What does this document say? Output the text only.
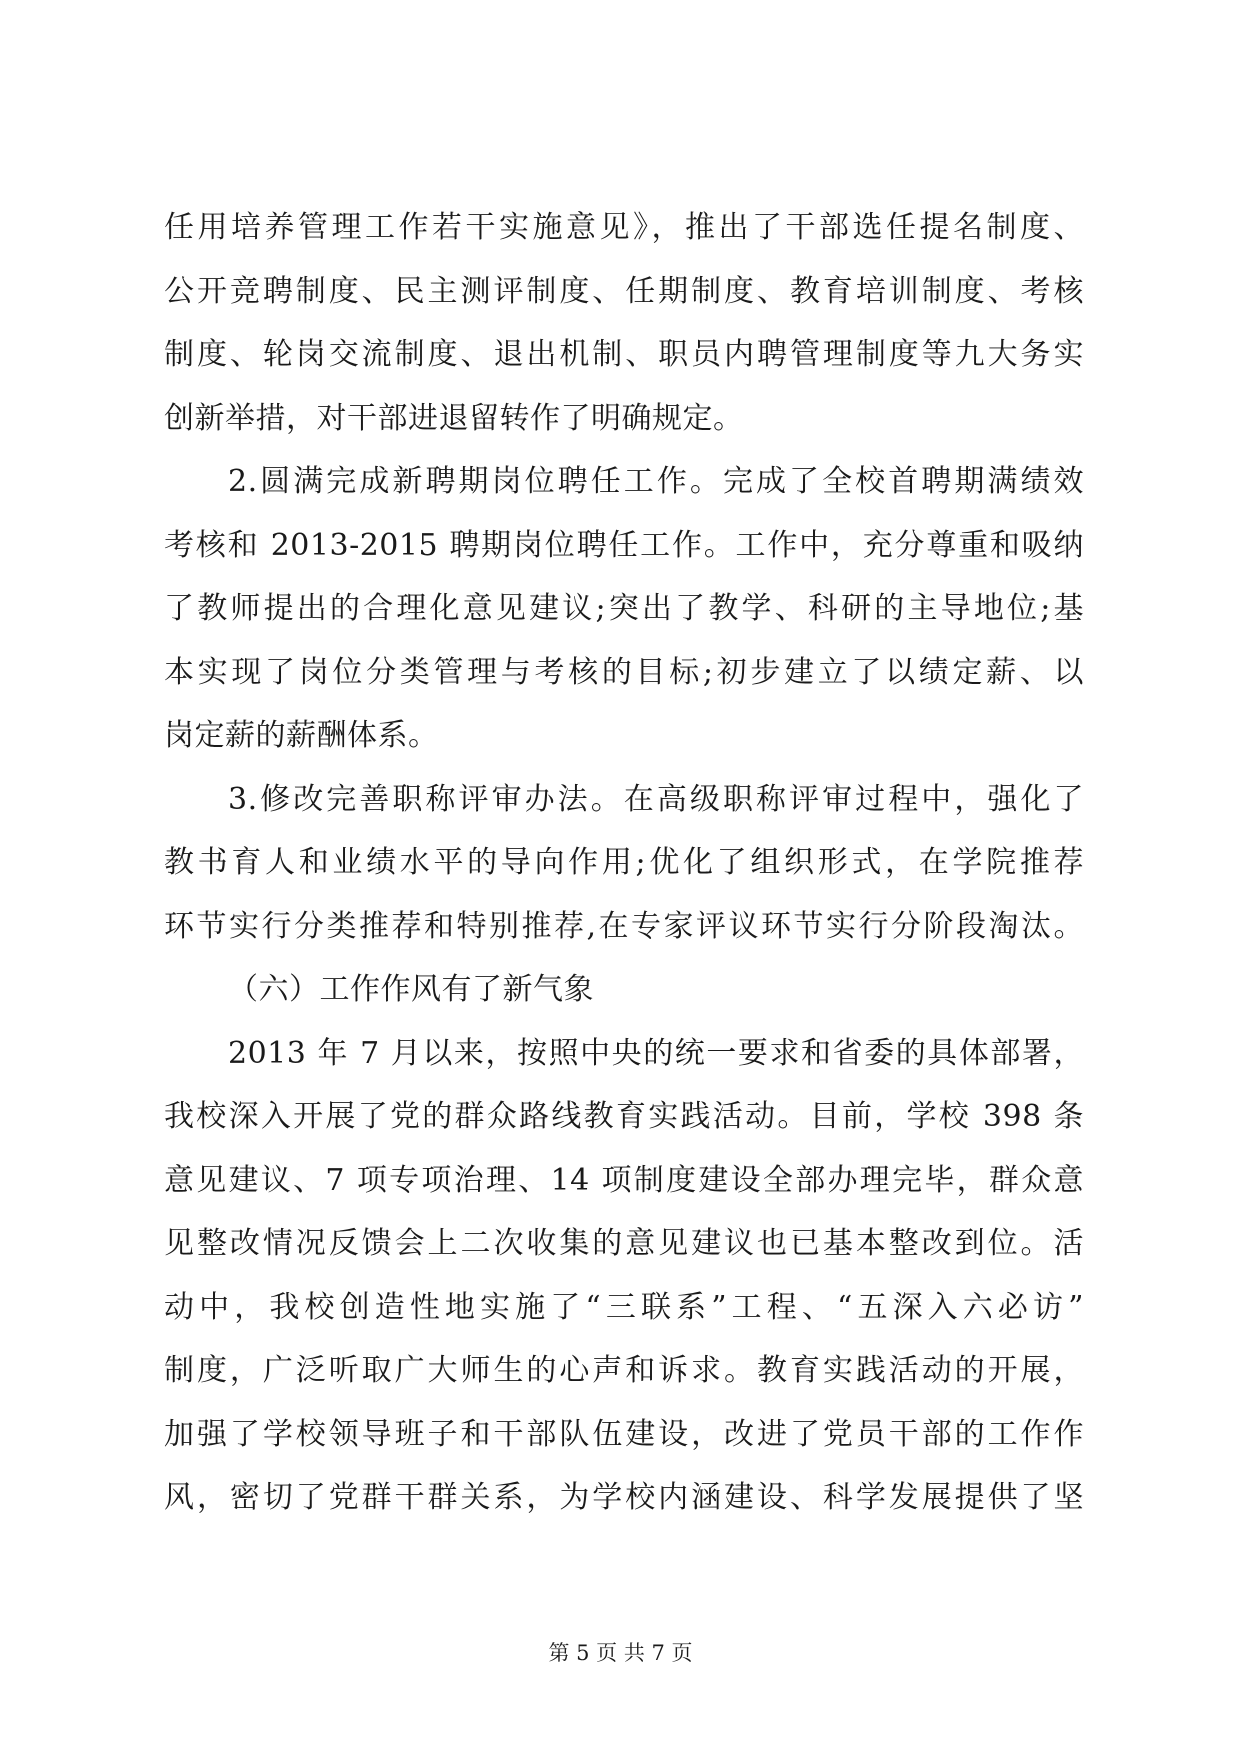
任用培养管理工作若干实施意见》，推出了干部选任提名制度、
公开竞聘制度、民主测评制度、任期制度、教育培训制度、考核
制度、轮岗交流制度、退出机制、职员内聘管理制度等九大务实
创新举措，对干部进退留转作了明确规定。
2.圆满完成新聘期岗位聘任工作。完成了全校首聘期满绩效
考核和 2013-2015 聘期岗位聘任工作。工作中，充分尊重和吸纳
了教师提出的合理化意见建议;突出了教学、科研的主导地位;基
本实现了岗位分类管理与考核的目标;初步建立了以绩定薪、以
岗定薪的薪酬体系。
3.修改完善职称评审办法。在高级职称评审过程中，强化了
教书育人和业绩水平的导向作用;优化了组织形式，在学院推荐
环节实行分类推荐和特别推荐,在专家评议环节实行分阶段淘汰。
（六）工作作风有了新气象
2013 年 7 月以来，按照中央的统一要求和省委的具体部署，
我校深入开展了党的群众路线教育实践活动。目前，学校 398 条
意见建议、7 项专项治理、14 项制度建设全部办理完毕，群众意
见整改情况反馈会上二次收集的意见建议也已基本整改到位。活
动中，我校创造性地实施了“三联系”工程、“五深入六必访”
制度，广泛听取广大师生的心声和诉求。教育实践活动的开展，
加强了学校领导班子和干部队伍建设，改进了党员干部的工作作
风，密切了党群干群关系，为学校内涵建设、科学发展提供了坚
第 5 页 共 7 页
